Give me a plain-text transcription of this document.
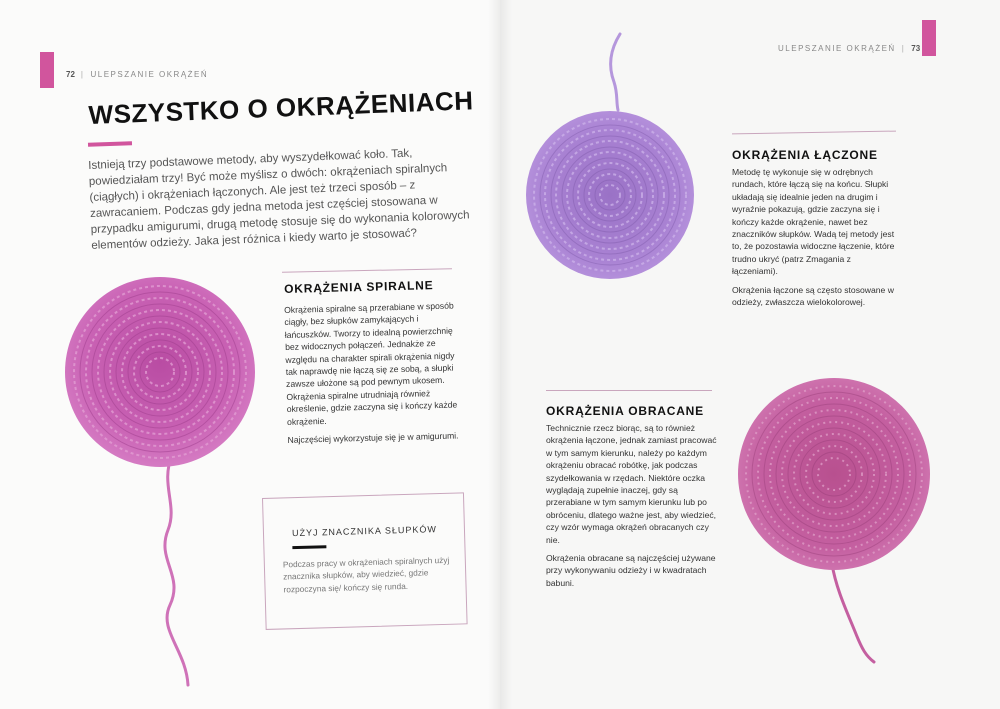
72 | ULEPSZANIE OKRĄŻEŃ
WSZYSTKO O OKRĄŻENIACH
Istnieją trzy podstawowe metody, aby wyszydełkować koło. Tak, powiedziałam trzy! Być może myślisz o dwóch: okrążeniach spiralnych (ciągłych) i okrążeniach łączonych. Ale jest też trzeci sposób – z zawracaniem. Podczas gdy jedna metoda jest częściej stosowana w przypadku amigurumi, drugą metodę stosuje się do wykonania kolorowych elementów odzieży. Jaka jest różnica i kiedy warto je stosować?
OKRĄŻENIA SPIRALNE

Okrążenia spiralne są przerabiane w sposób ciągły, bez słupków zamykających i łańcuszków. Tworzy to idealną powierzchnię bez widocznych połączeń. Jednakże ze względu na charakter spirali okrążenia nigdy tak naprawdę nie łączą się ze sobą, a słupki zawsze ułożone są pod pewnym ukosem. Okrążenia spiralne utrudniają również określenie, gdzie zaczyna się i kończy każde okrążenie.

Najczęściej wykorzystuje się je w amigurumi.

UŻYJ ZNACZNIKA SŁUPKÓW
Podczas pracy w okrążeniach spiralnych użyj znacznika słupków, aby wiedzieć, gdzie rozpoczyna się/ kończy się runda.
ULEPSZANIE OKRĄŻEŃ | 73
OKRĄŻENIA ŁĄCZONE

Metodę tę wykonuje się w odrębnych rundach, które łączą się na końcu. Słupki układają się idealnie jeden na drugim i wyraźnie pokazują, gdzie zaczyna się i kończy każde okrążenie, nawet bez znaczników słupków. Wadą tej metody jest to, że pozostawia widoczne łączenie, które trudno ukryć (patrz Zmagania z łączeniami).

Okrążenia łączone są często stosowane w odzieży, zwłaszcza wielokolorowej.

OKRĄŻENIA OBRACANE

Technicznie rzecz biorąc, są to również okrążenia łączone, jednak zamiast pracować w tym samym kierunku, należy po każdym okrążeniu obracać robótkę, jak podczas szydełkowania w rzędach. Niektóre oczka wyglądają zupełnie inaczej, gdy są przerabiane w tym samym kierunku lub po obróceniu, dlatego ważne jest, aby wiedzieć, czy wzór wymaga okrążeń obracanych czy nie.

Okrążenia obracane są najczęściej używane przy wykonywaniu odzieży i w kwadratach babuni.
